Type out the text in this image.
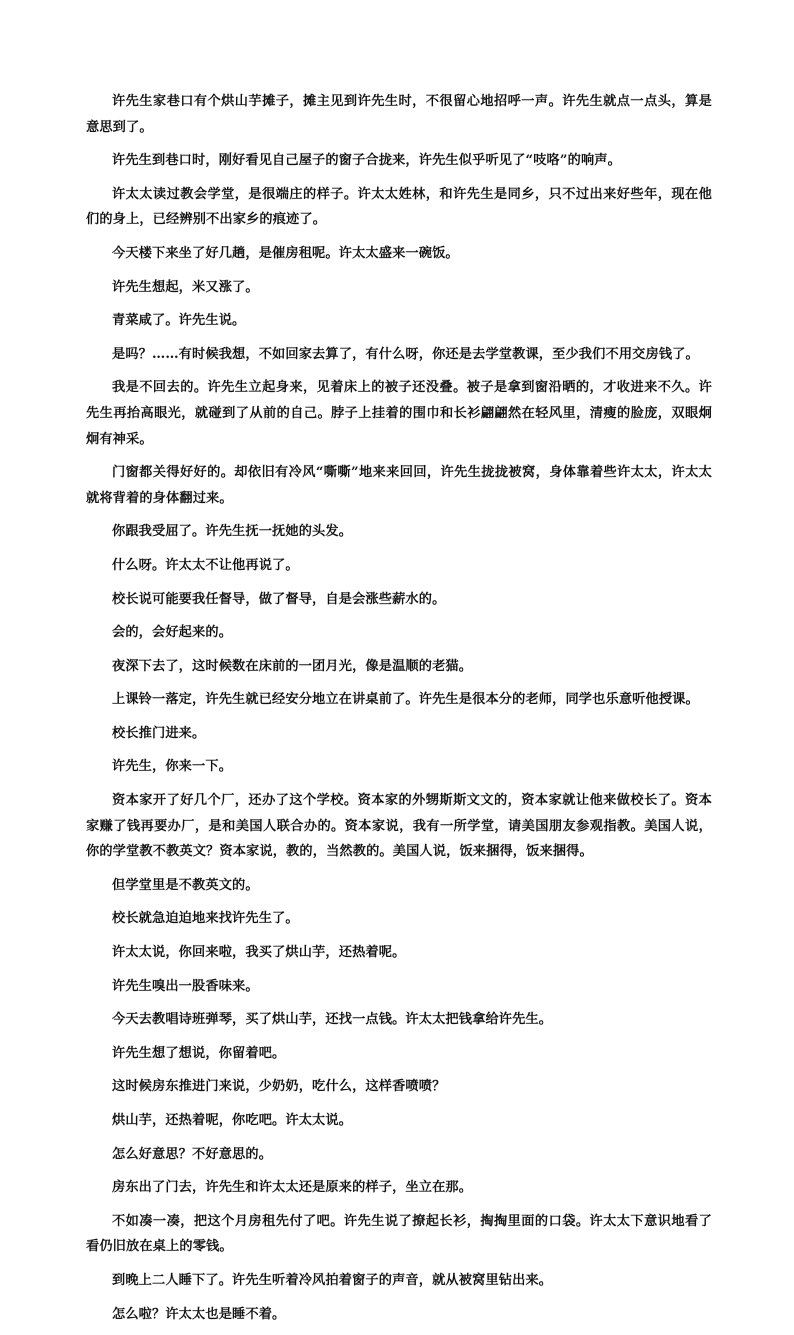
许先生家巷口有个烘山芋摊子，摊主见到许先生时，不很留心地招呼一声。许先生就点一点头，算是意思到了。

许先生到巷口时，刚好看见自己屋子的窗子合拢来，许先生似乎听见了“吱咯”的响声。

许太太读过教会学堂，是很端庄的样子。许太太姓林，和许先生是同乡，只不过出来好些年，现在他们的身上，已经辨别不出家乡的痕迹了。

今天楼下来坐了好几趟，是催房租呢。许太太盛来一碗饭。

许先生想起，米又涨了。

青菜咸了。许先生说。

是吗？……有时候我想，不如回家去算了，有什么呀，你还是去学堂教课，至少我们不用交房钱了。

我是不回去的。许先生立起身来，见着床上的被子还没叠。被子是拿到窗沿晒的，才收进来不久。许先生再抬高眼光，就碰到了从前的自己。脖子上挂着的围巾和长衫翩翩然在轻风里，清瘦的脸庞，双眼炯炯有神采。

门窗都关得好好的。却依旧有冷风“嘶嘶”地来来回回，许先生拢拢被窝，身体靠着些许太太，许太太就将背着的身体翻过来。

你跟我受屈了。许先生抚一抚她的头发。

什么呀。许太太不让他再说了。

校长说可能要我任督导，做了督导，自是会涨些薪水的。

会的，会好起来的。

夜深下去了，这时候数在床前的一团月光，像是温顺的老猫。

上课铃一落定，许先生就已经安分地立在讲桌前了。许先生是很本分的老师，同学也乐意听他授课。

校长推门进来。

许先生，你来一下。

资本家开了好几个厂，还办了这个学校。资本家的外甥斯斯文文的，资本家就让他来做校长了。资本家赚了钱再要办厂，是和美国人联合办的。资本家说，我有一所学堂，请美国朋友参观指教。美国人说，你的学堂教不教英文？资本家说，教的，当然教的。美国人说，饭来捆得，饭来捆得。

但学堂里是不教英文的。

校长就急迫迫地来找许先生了。

许太太说，你回来啦，我买了烘山芋，还热着呢。

许先生嗅出一股香味来。

今天去教唱诗班弹琴，买了烘山芋，还找一点钱。许太太把钱拿给许先生。

许先生想了想说，你留着吧。

这时候房东推进门来说，少奶奶，吃什么，这样香喷喷？

烘山芋，还热着呢，你吃吧。许太太说。

怎么好意思？不好意思的。

房东出了门去，许先生和许太太还是原来的样子，坐立在那。

不如凑一凑，把这个月房租先付了吧。许先生说了撩起长衫，掏掏里面的口袋。许太太下意识地看了看仍旧放在桌上的零钱。

到晚上二人睡下了。许先生听着冷风拍着窗子的声音，就从被窝里钻出来。

怎么啦？许太太也是睡不着。
